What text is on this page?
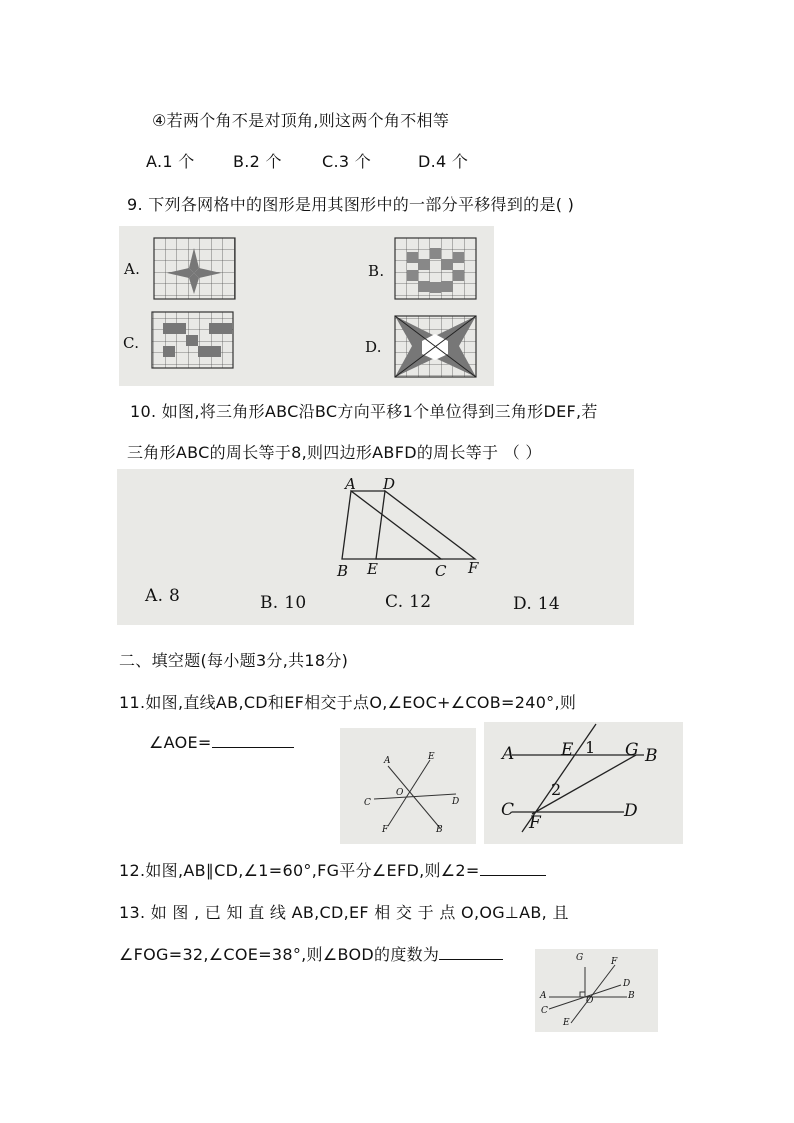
④若两个角不是对顶角,则这两个角不相等
A.1 个 B.2 个	C.3 个	D.4 个
9. 下列各网格中的图形是用其图形中的一部分平移得到的是( )
A.	B.
C.	D.
10. 如图,将三角形ABC沿BC方向平移1个单位得到三角形DEF,若
三角形ABC的周长等于8,则四边形ABFD的周长等于 （ ）
A D
B E	C F
A. 8	B. 10	C. 12	D. 14
二、填空题(每小题3分,共18分)
11.如图,直线AB,CD和EF相交于点O,∠EOC+∠COB=240°,则
∠AOE=
A	E
O
C	D
F	B
A	E 1 G B
2
C
F
D
12.如图,AB∥CD,∠1=60°,FG平分∠EFD,则∠2=
13. 如 图 , 已 知 直 线 AB,CD,EF 相 交 于 点 O,OG⊥AB, 且
∠FOG=32,∠COE=38°,则∠BOD的度数为	G	F
D
A	O	B
C
E
